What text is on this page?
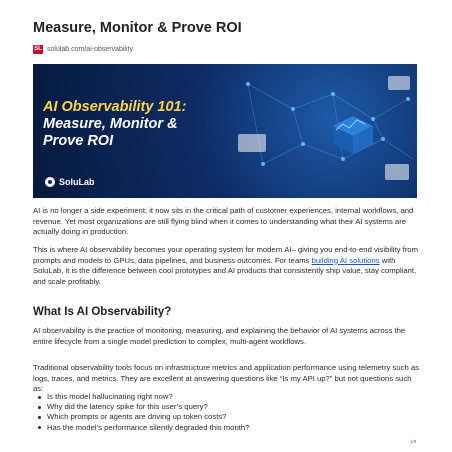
Measure, Monitor & Prove ROI
SL solulab.com/ai-observability
AI Observability 101:
Measure, Monitor &
Prove ROI
SoluLab

AI is no longer a side experiment; it now sits in the critical path of customer experiences, internal workflows, and revenue. Yet most organizations are still flying blind when it comes to understanding what their AI systems are actually doing in production.

This is where AI observability becomes your operating system for modern AI– giving you end-to-end visibility from prompts and models to GPUs, data pipelines, and business outcomes. For teams building AI solutions with SoluLab, it is the difference between cool prototypes and AI products that consistently ship value, stay compliant, and scale profitably.

What Is AI Observability?

AI observability is the practice of monitoring, measuring, and explaining the behavior of AI systems across the entire lifecycle from a single model prediction to complex, multi-agent workflows.

Traditional observability tools focus on infrastructure metrics and application performance using telemetry such as logs, traces, and metrics. They are excellent at answering questions like “Is my API up?” but not questions such as:

Is this model hallucinating right now?
Why did the latency spike for this user’s query?
Which prompts or agents are driving up token costs?
Has the model’s performance silently degraded this month?
1/9
